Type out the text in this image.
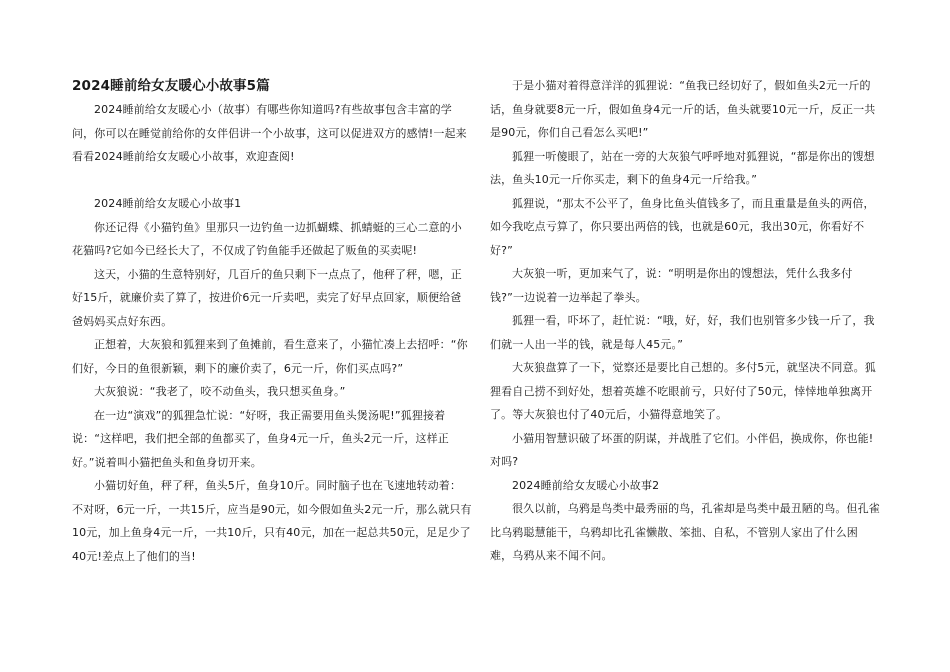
2024睡前给女友暖心小故事5篇

2024睡前给女友暖心小（故事）有哪些你知道吗?有些故事包含丰富的学问，你可以在睡觉前给你的女伴侣讲一个小故事，这可以促进双方的感情!一起来看看2024睡前给女友暖心小故事，欢迎查阅!

2024睡前给女友暖心小故事1

你还记得《小猫钓鱼》里那只一边钓鱼一边抓蝴蝶、抓蜻蜓的三心二意的小花猫吗?它如今已经长大了，不仅成了钓鱼能手还做起了贩鱼的买卖呢!

这天，小猫的生意特别好，几百斤的鱼只剩下一点点了，他秤了秤，嗯，正好15斤，就廉价卖了算了，按进价6元一斤卖吧，卖完了好早点回家，顺便给爸爸妈妈买点好东西。

正想着，大灰狼和狐狸来到了鱼摊前，看生意来了，小猫忙凑上去招呼：“你们好，今日的鱼很新颖，剩下的廉价卖了，6元一斤，你们买点吗?”

大灰狼说：“我老了，咬不动鱼头，我只想买鱼身。”

在一边“演戏”的狐狸急忙说：“好呀，我正需要用鱼头煲汤呢!”狐狸接着说：“这样吧，我们把全部的鱼都买了，鱼身4元一斤，鱼头2元一斤，这样正好。”说着叫小猫把鱼头和鱼身切开来。

小猫切好鱼，秤了秤，鱼头5斤，鱼身10斤。同时脑子也在飞速地转动着：不对呀，6元一斤，一共15斤，应当是90元，如今假如鱼头2元一斤，那么就只有10元，加上鱼身4元一斤，一共10斤，只有40元，加在一起总共50元，足足少了40元!差点上了他们的当!

于是小猫对着得意洋洋的狐狸说：“鱼我已经切好了，假如鱼头2元一斤的话，鱼身就要8元一斤，假如鱼身4元一斤的话，鱼头就要10元一斤，反正一共是90元，你们自己看怎么买吧!”

狐狸一听傻眼了，站在一旁的大灰狼气呼呼地对狐狸说，“都是你出的馊想法，鱼头10元一斤你买走，剩下的鱼身4元一斤给我。”

狐狸说，“那太不公平了，鱼身比鱼头值钱多了，而且重量是鱼头的两倍，如今我吃点亏算了，你只要出两倍的钱，也就是60元，我出30元，你看好不好?”

大灰狼一听，更加来气了，说：“明明是你出的馊想法，凭什么我多付钱?”一边说着一边举起了拳头。

狐狸一看，吓坏了，赶忙说：“哦，好，好，我们也别管多少钱一斤了，我们就一人出一半的钱，就是每人45元。”

大灰狼盘算了一下，觉察还是要比自己想的。多付5元，就坚决不同意。狐狸看自己捞不到好处，想着英雄不吃眼前亏，只好付了50元，悻悻地单独离开了。等大灰狼也付了40元后，小猫得意地笑了。

小猫用智慧识破了坏蛋的阴谋，并战胜了它们。小伴侣，换成你，你也能!对吗?

2024睡前给女友暖心小故事2

很久以前，乌鸦是鸟类中最秀丽的鸟，孔雀却是鸟类中最丑陋的鸟。但孔雀比乌鸦聪慧能干，乌鸦却比孔雀懒散、笨拙、自私，不管别人家出了什么困难，乌鸦从来不闻不问。
